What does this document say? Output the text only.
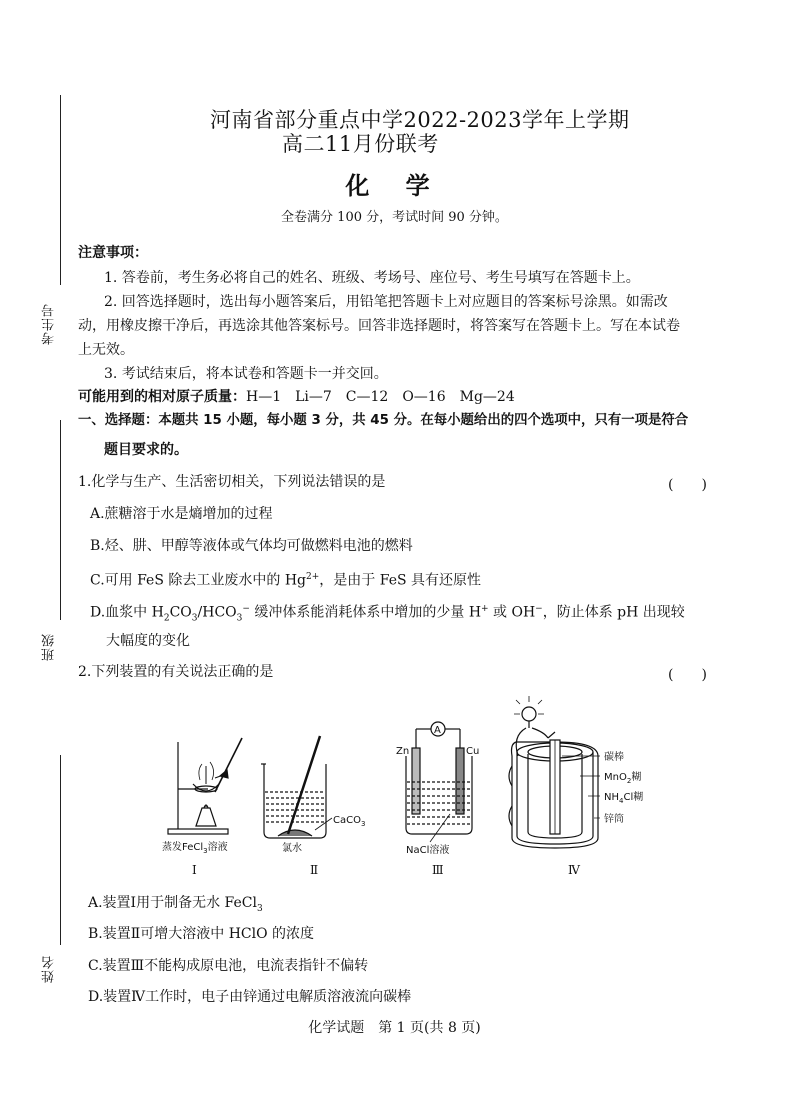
考生号
班级
姓名
河南省部分重点中学2022-2023学年上学期
高二11月份联考
化 学
全卷满分 100 分，考试时间 90 分钟。
注意事项：
1. 答卷前，考生务必将自己的姓名、班级、考场号、座位号、考生号填写在答题卡上。
2. 回答选择题时，选出每小题答案后，用铅笔把答题卡上对应题目的答案标号涂黑。如需改
动，用橡皮擦干净后，再选涂其他答案标号。回答非选择题时，将答案写在答题卡上。写在本试卷
上无效。
3. 考试结束后，将本试卷和答题卡一并交回。
可能用到的相对原子质量：H—1　Li—7　C—12　O—16　Mg—24
一、选择题：本题共 15 小题，每小题 3 分，共 45 分。在每小题给出的四个选项中，只有一项是符合
题目要求的。
1.化学与生产、生活密切相关，下列说法错误的是	(　　)
A.蔗糖溶于水是熵增加的过程
B.烃、肼、甲醇等液体或气体均可做燃料电池的燃料
C.可用 FeS 除去工业废水中的 $Hg^{2+}$，是由于 FeS 具有还原性
D.血浆中 $H_2CO_3/HCO_3^-$ 缓冲体系能消耗体系中增加的少量 H+ 或 OH−，防止体系 pH 出现较
大幅度的变化
2.下列装置的有关说法正确的是	(　　)
蒸发FeCl$_3$溶液
Ⅰ
CaCO$_3$
氯水
Ⅱ
A
Zn	Cu
NaCl溶液
Ⅲ
碳棒
MnO$_2$糊
$NH_4Cl$糊
锌筒
Ⅳ
A.装置Ⅰ用于制备无水 FeCl$_3$
B.装置Ⅱ可增大溶液中 HClO 的浓度
C.装置Ⅲ不能构成原电池，电流表指针不偏转
D.装置Ⅳ工作时，电子由锌通过电解质溶液流向碳棒
化学试题　第 1 页(共 8 页)
